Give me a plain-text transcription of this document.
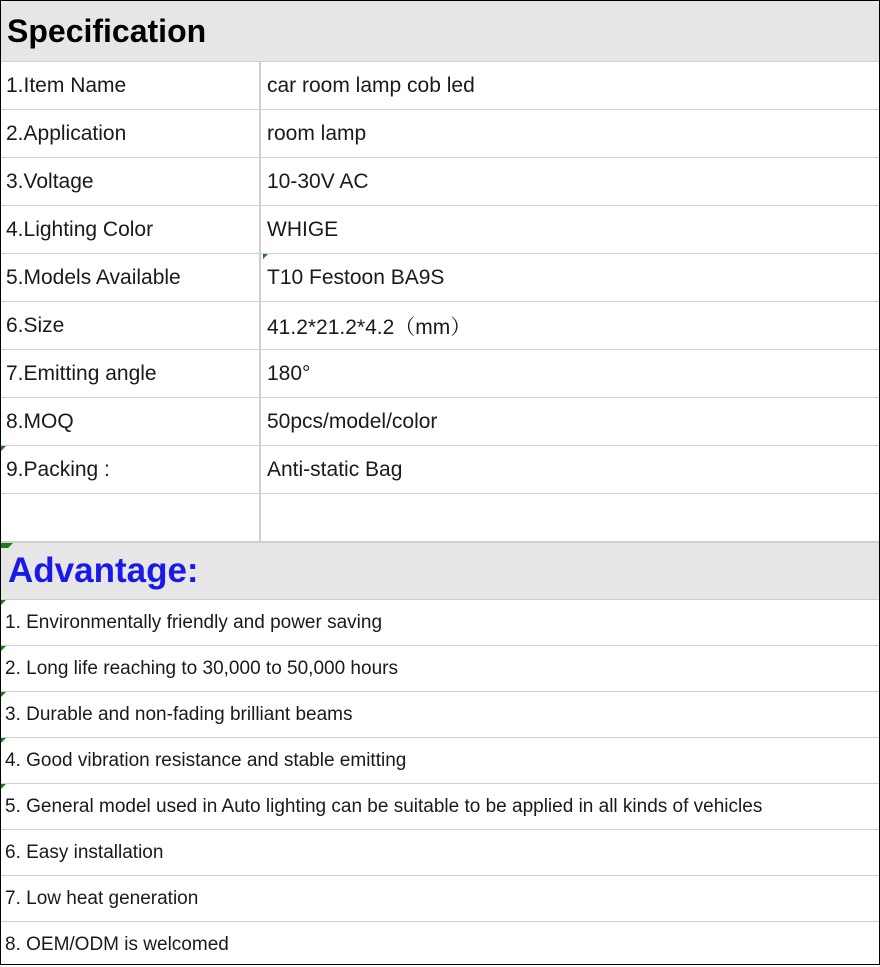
Specification
1.Item Name	car room lamp cob led
2.Application	room lamp
3.Voltage	10-30V AC
4.Lighting Color	WHIGE
5.Models Available	T10 Festoon BA9S
6.Size	41.2*21.2*4.2（mm）
7.Emitting angle	180°
8.MOQ	50pcs/model/color
9.Packing :	Anti-static Bag
Advantage:
1. Environmentally friendly and power saving
2. Long life reaching to 30,000 to 50,000 hours
3. Durable and non-fading brilliant beams
4. Good vibration resistance and stable emitting
5. General model used in Auto lighting can be suitable to be applied in all kinds of vehicles
6. Easy installation
7. Low heat generation
8. OEM/ODM is welcomed
